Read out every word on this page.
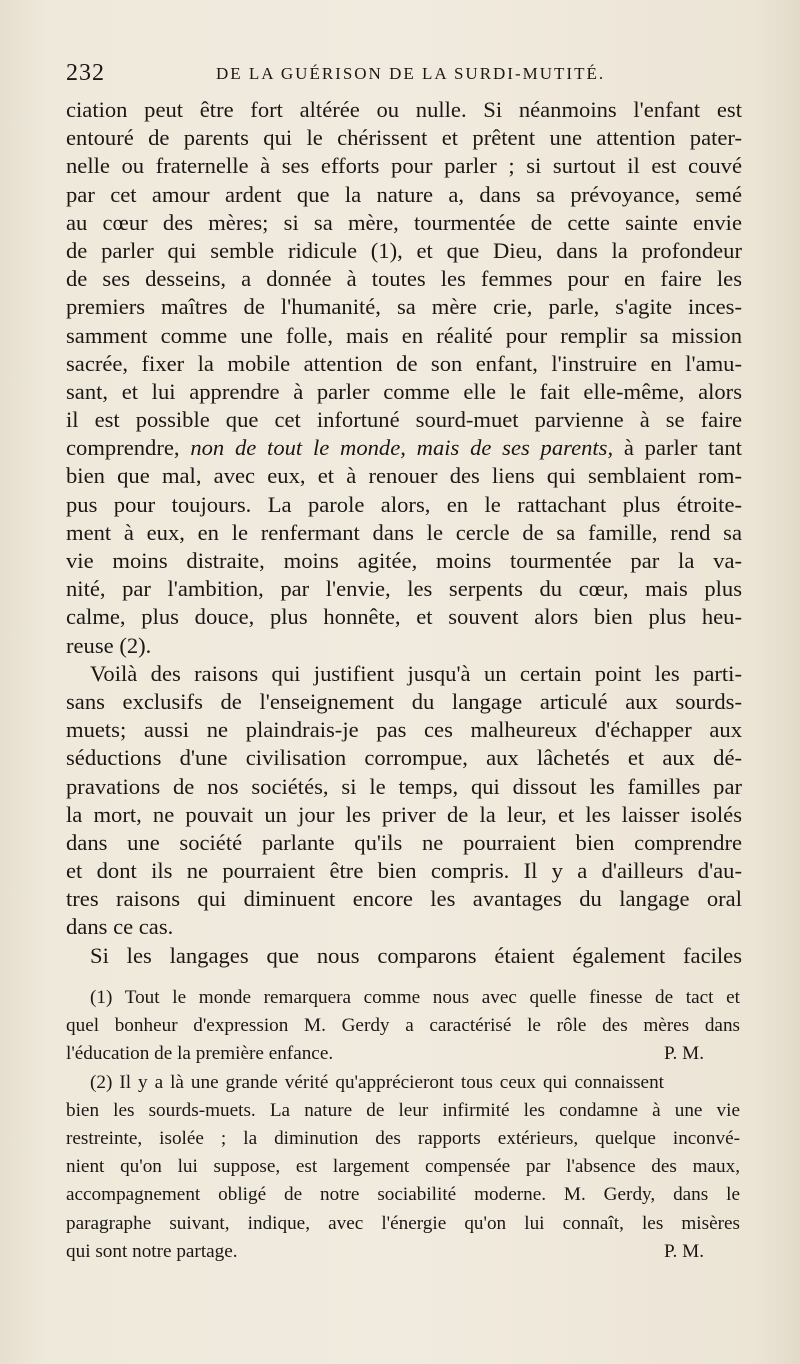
232	DE LA GUÉRISON DE LA SURDI-MUTITÉ.
ciation peut être fort altérée ou nulle. Si néanmoins l'enfant est
entouré de parents qui le chérissent et prêtent une attention pater-
nelle ou fraternelle à ses efforts pour parler ; si surtout il est couvé
par cet amour ardent que la nature a, dans sa prévoyance, semé
au cœur des mères; si sa mère, tourmentée de cette sainte envie
de parler qui semble ridicule (1), et que Dieu, dans la profondeur
de ses desseins, a donnée à toutes les femmes pour en faire les
premiers maîtres de l'humanité, sa mère crie, parle, s'agite inces-
samment comme une folle, mais en réalité pour remplir sa mission
sacrée, fixer la mobile attention de son enfant, l'instruire en l'amu-
sant, et lui apprendre à parler comme elle le fait elle-même, alors
il est possible que cet infortuné sourd-muet parvienne à se faire
comprendre, non de tout le monde, mais de ses parents, à parler tant
bien que mal, avec eux, et à renouer des liens qui semblaient rom-
pus pour toujours. La parole alors, en le rattachant plus étroite-
ment à eux, en le renfermant dans le cercle de sa famille, rend sa
vie moins distraite, moins agitée, moins tourmentée par la va-
nité, par l'ambition, par l'envie, les serpents du cœur, mais plus
calme, plus douce, plus honnête, et souvent alors bien plus heu-
reuse (2).
Voilà des raisons qui justifient jusqu'à un certain point les parti-
sans exclusifs de l'enseignement du langage articulé aux sourds-
muets; aussi ne plaindrais-je pas ces malheureux d'échapper aux
séductions d'une civilisation corrompue, aux lâchetés et aux dé-
pravations de nos sociétés, si le temps, qui dissout les familles par
la mort, ne pouvait un jour les priver de la leur, et les laisser isolés
dans une société parlante qu'ils ne pourraient bien comprendre
et dont ils ne pourraient être bien compris. Il y a d'ailleurs d'au-
tres raisons qui diminuent encore les avantages du langage oral
dans ce cas.
Si les langages que nous comparons étaient également faciles
(1) Tout le monde remarquera comme nous avec quelle finesse de tact et
quel bonheur d'expression M. Gerdy a caractérisé le rôle des mères dans
l'éducation de la première enfance.	P. M.
(2) Il y a là une grande vérité qu'apprécieront tous ceux qui connaissent
bien les sourds-muets. La nature de leur infirmité les condamne à une vie
restreinte, isolée ; la diminution des rapports extérieurs, quelque inconvé-
nient qu'on lui suppose, est largement compensée par l'absence des maux,
accompagnement obligé de notre sociabilité moderne. M. Gerdy, dans le
paragraphe suivant, indique, avec l'énergie qu'on lui connaît, les misères
qui sont notre partage.	P. M.
